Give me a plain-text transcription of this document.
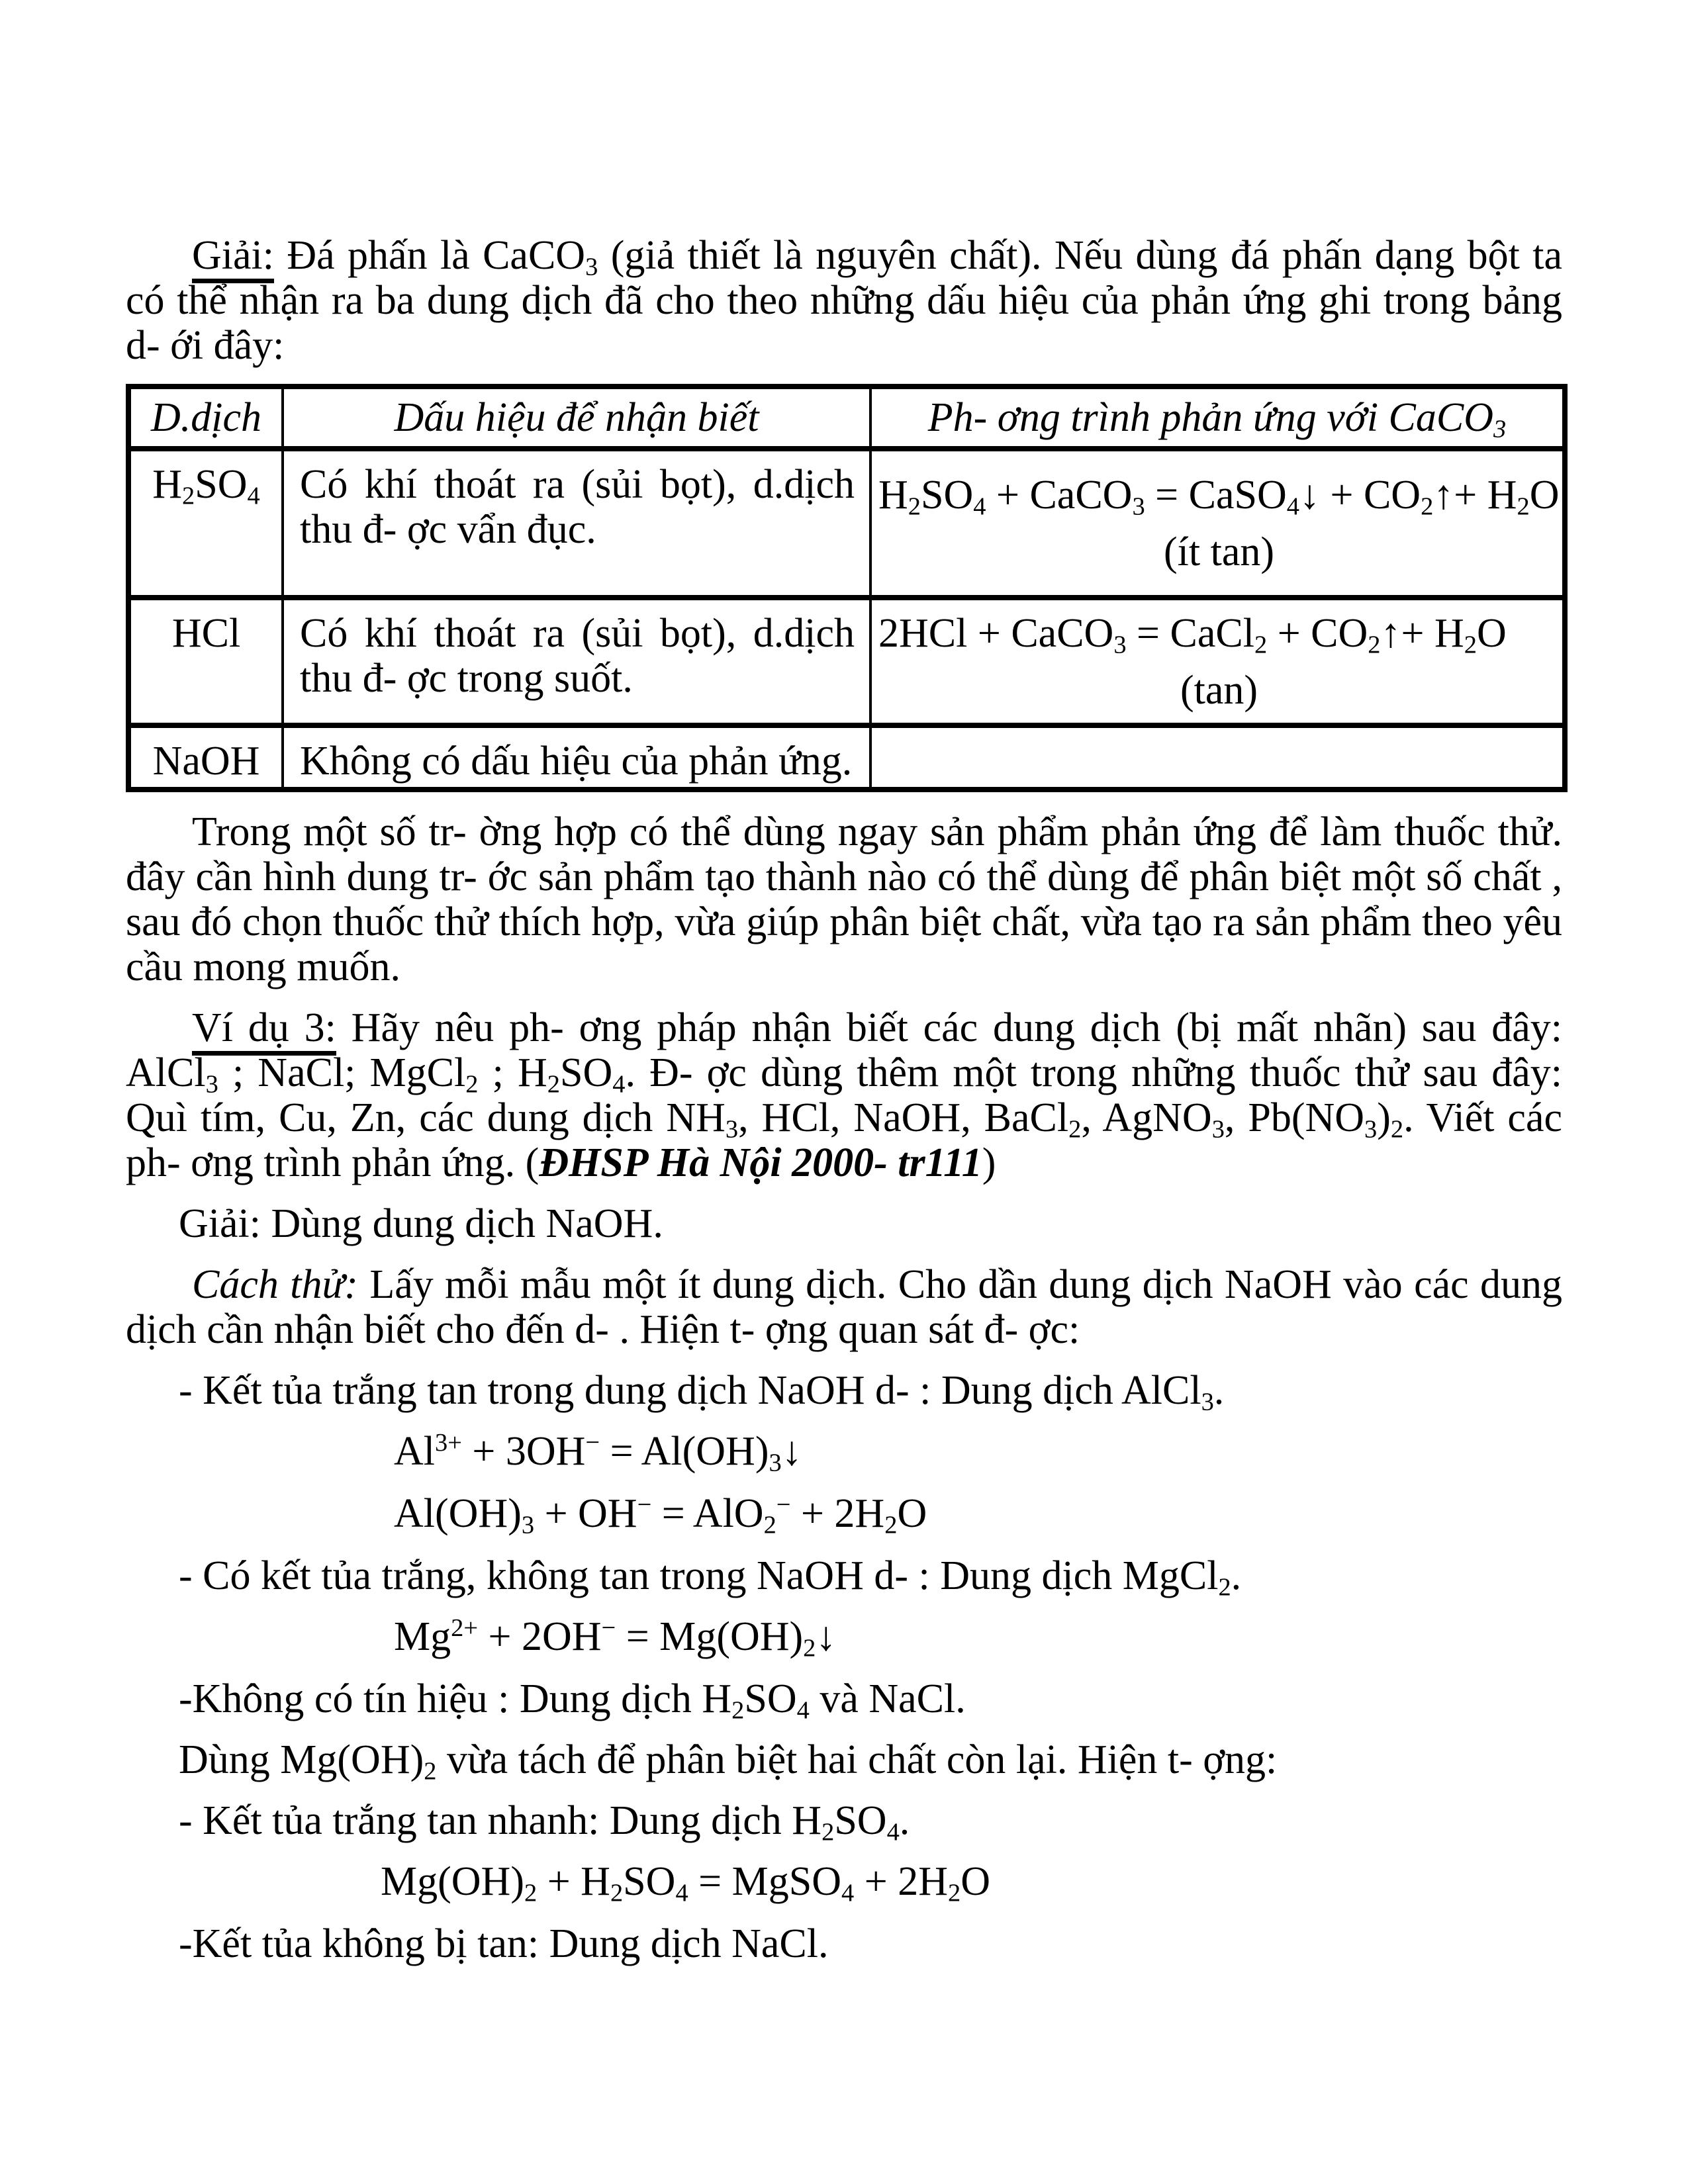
Giải: Đá phấn là CaCO$_3$ (giả thiết là nguyên chất). Nếu dùng đá phấn dạng bột ta có thể nhận ra ba dung dịch đã cho theo những dấu hiệu của phản ứng ghi trong bảng d- ới đây:

D.dịch	Dấu hiệu để nhận biết	Ph- ơng trình phản ứng với CaCO$_3$
$H_2SO_4$	Có khí thoát ra (sủi bọt), d.dịch thu đ- ợc vẩn đục.	$H_2SO_4$ + CaCO$_3$ = CaSO$_4$↓ + $CO_2↑+ H_2O$
(ít tan)

HCl	Có khí thoát ra (sủi bọt), d.dịch thu đ- ợc trong suốt.	2HCl + CaCO$_3$ = CaCl$_2$ + $CO_2↑+ H_2O$
(tan)

NaOH	Không có dấu hiệu của phản ứng.	

Trong một số tr- ờng hợp có thể dùng ngay sản phẩm phản ứng để làm thuốc thử. đây cần hình dung tr- ớc sản phẩm tạo thành nào có thể dùng để phân biệt một số chất , sau đó chọn thuốc thử thích hợp, vừa giúp phân biệt chất, vừa tạo ra sản phẩm theo yêu cầu mong muốn.

Ví dụ 3: Hãy nêu ph- ơng pháp nhận biết các dung dịch (bị mất nhãn) sau đây: AlCl$_3$ ; NaCl; MgCl$_2$ ; $H_2SO_4$. Đ- ợc dùng thêm một trong những thuốc thử sau đây: Quì tím, Cu, Zn, các dung dịch $NH_3$, HCl, NaOH, BaCl$_2$, AgNO$_3$, $Pb(NO_3)_2$. Viết các ph- ơng trình phản ứng. (ĐHSP Hà Nội 2000- tr111)

Giải: Dùng dung dịch NaOH.

Cách thử: Lấy mỗi mẫu một ít dung dịch. Cho dần dung dịch NaOH vào các dung dịch cần nhận biết cho đến d- . Hiện t- ợng quan sát đ- ợc:

- Kết tủa trắng tan trong dung dịch NaOH d- : Dung dịch AlCl$_3$.

$Al^{3+} + 3OH^-$ = $Al(OH)_3↓$
$Al(OH)_3 + OH^- = AlO_2^- + 2H_2O$

- Có kết tủa trắng, không tan trong NaOH d- : Dung dịch MgCl$_2$.

$Mg^{2+} + 2OH^-$ = $Mg(OH)_2↓$

-Không có tín hiệu : Dung dịch $H_2SO_4$ và NaCl.

Dùng $Mg(OH)_2$ vừa tách để phân biệt hai chất còn lại. Hiện t- ợng:

- Kết tủa trắng tan nhanh: Dung dịch $H_2SO_4$.

$Mg(OH)_2 + H_2SO_4$ = MgSO$_4$ + $2H_2O$

-Kết tủa không bị tan: Dung dịch NaCl.
